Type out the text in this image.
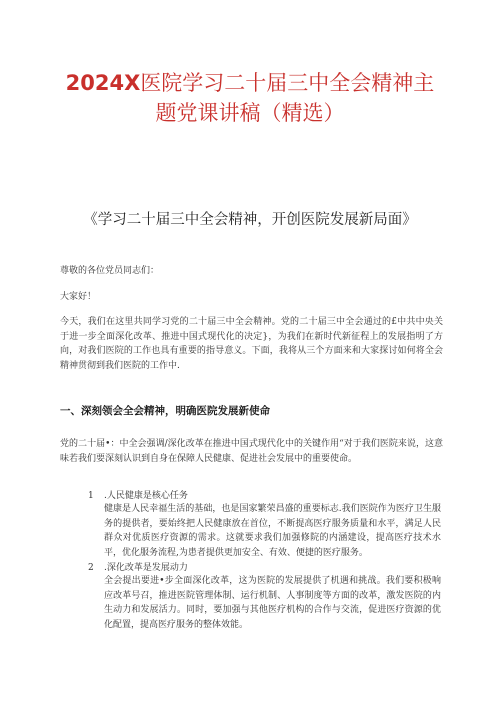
2024X医院学习二十届三中全会精神主
题党课讲稿（精选）
《学习二十届三中全会精神，开创医院发展新局面》
尊敬的各位党员同志们：
大家好！
今天，我们在这里共同学习党的二十届三中全会精神。党的二十届三中全会通过的£中共中央关于进一步全面深化改革、推进中国式现代化的决定}，为我们在新时代新征程上的发展指明了方向，对我们医院的工作也具有重要的指导意义。下面，我将从三个方面来和大家探讨如何将全会精神贯彻到我们医院的工作中.
一、深刻领会全会精神，明确医院发展新使命
党的二十届•：中全会强调/深化改革在推进中国式现代化中的关键作用“对于我们医院来说，这意味若我们要深刻认识到自身在保障人民健康、促进社会发展中的重要使命。
1 .人民健康是核心任务
健康是人民幸福生活的基础，也是国家繁荣昌盛的重要标志.我们医院作为医疗卫生服务的提供者，要始终把人民健康放在首位，不断提高医疗服务质量和水平，满足人民群众对优质医疗资源的需求。这就要求我们加强修院的内涵建设，提高医疗技术水平，优化服务流程,为患者提供更加安全、有效、便捷的医疗服务。
2 .深化改革是发展动力
全会提出要进•步全面深化改革，这为医院的发展提供了机遇和挑战。我们要积极响应改革号召，推进医院管理体制、运行机制、人事制度等方面的改革，激发医院的内生动力和发展活力。同时，要加强与其他医疗机构的合作与交流，促进医疗资源的优化配置，提高医疗服务的整体效能。
